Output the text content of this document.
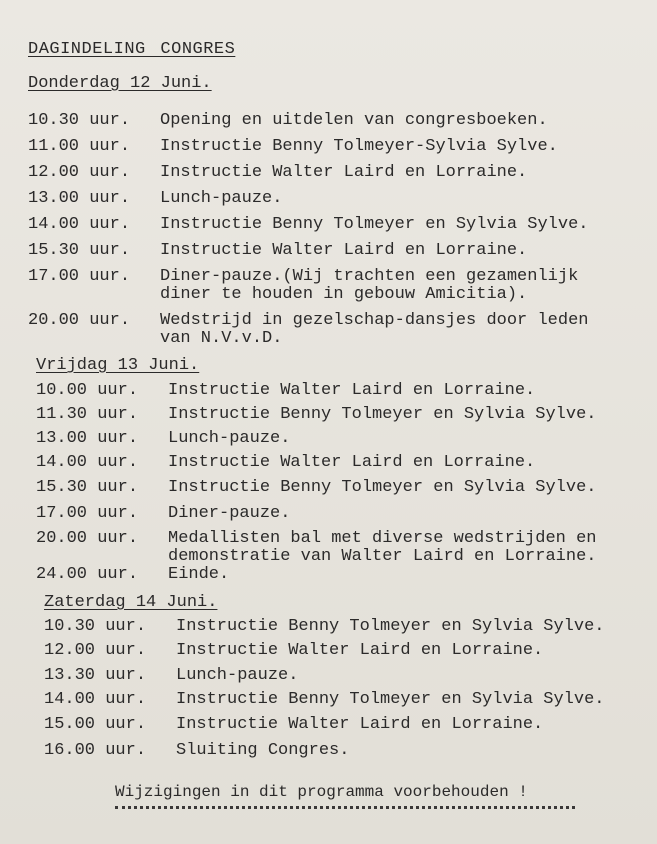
DAGINDELING CONGRES
Donderdag 12 Juni.
10.30 uur. Opening en uitdelen van congresboeken.
11.00 uur. Instructie Benny Tolmeyer-Sylvia Sylve.
12.00 uur. Instructie Walter Laird en Lorraine.
13.00 uur. Lunch-pauze.
14.00 uur. Instructie Benny Tolmeyer en Sylvia Sylve.
15.30 uur. Instructie Walter Laird en Lorraine.
17.00 uur. Diner-pauze.(Wij trachten een gezamenlijk
diner te houden in gebouw Amicitia).
20.00 uur. Wedstrijd in gezelschap-dansjes door leden
van N.V.v.D.
Vrijdag 13 Juni.
10.00 uur. Instructie Walter Laird en Lorraine.
11.30 uur. Instructie Benny Tolmeyer en Sylvia Sylve.
13.00 uur. Lunch-pauze.
14.00 uur. Instructie Walter Laird en Lorraine.
15.30 uur. Instructie Benny Tolmeyer en Sylvia Sylve.
17.00 uur. Diner-pauze.
20.00 uur. Medallisten bal met diverse wedstrijden en
demonstratie van Walter Laird en Lorraine.
24.00 uur. Einde.
Zaterdag 14 Juni.
10.30 uur. Instructie Benny Tolmeyer en Sylvia Sylve.
12.00 uur. Instructie Walter Laird en Lorraine.
13.30 uur. Lunch-pauze.
14.00 uur. Instructie Benny Tolmeyer en Sylvia Sylve.
15.00 uur. Instructie Walter Laird en Lorraine.
16.00 uur. Sluiting Congres.
Wijzigingen in dit programma voorbehouden !
